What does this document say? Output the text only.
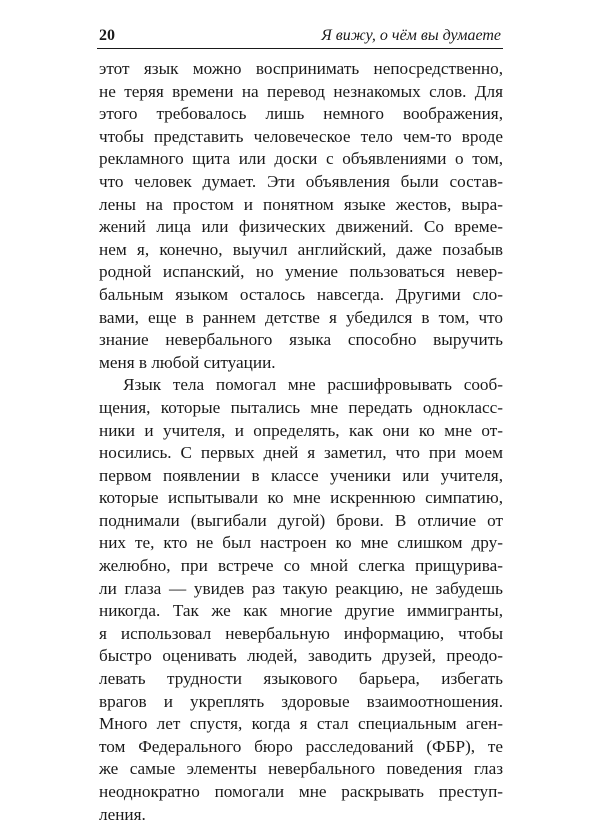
20	Я вижу, о чём вы думаете
этот язык можно воспринимать непосредственно,
не теряя времени на перевод незнакомых слов. Для
этого требовалось лишь немного воображения,
чтобы представить человеческое тело чем-то вроде
рекламного щита или доски с объявлениями о том,
что человек думает. Эти объявления были состав-
лены на простом и понятном языке жестов, выра-
жений лица или физических движений. Со време-
нем я, конечно, выучил английский, даже позабыв
родной испанский, но умение пользоваться невер-
бальным языком осталось навсегда. Другими сло-
вами, еще в раннем детстве я убедился в том, что
знание невербального языка способно выручить
меня в любой ситуации.
Язык тела помогал мне расшифровывать сооб-
щения, которые пытались мне передать однокласс-
ники и учителя, и определять, как они ко мне от-
носились. С первых дней я заметил, что при моем
первом появлении в классе ученики или учителя,
которые испытывали ко мне искреннюю симпатию,
поднимали (выгибали дугой) брови. В отличие от
них те, кто не был настроен ко мне слишком дру-
желюбно, при встрече со мной слегка прищурива-
ли глаза — увидев раз такую реакцию, не забудешь
никогда. Так же как многие другие иммигранты,
я использовал невербальную информацию, чтобы
быстро оценивать людей, заводить друзей, преодо-
левать трудности языкового барьера, избегать
врагов и укреплять здоровые взаимоотношения.
Много лет спустя, когда я стал специальным аген-
том Федерального бюро расследований (ФБР), те
же самые элементы невербального поведения глаз
неоднократно помогали мне раскрывать преступ-
ления.
